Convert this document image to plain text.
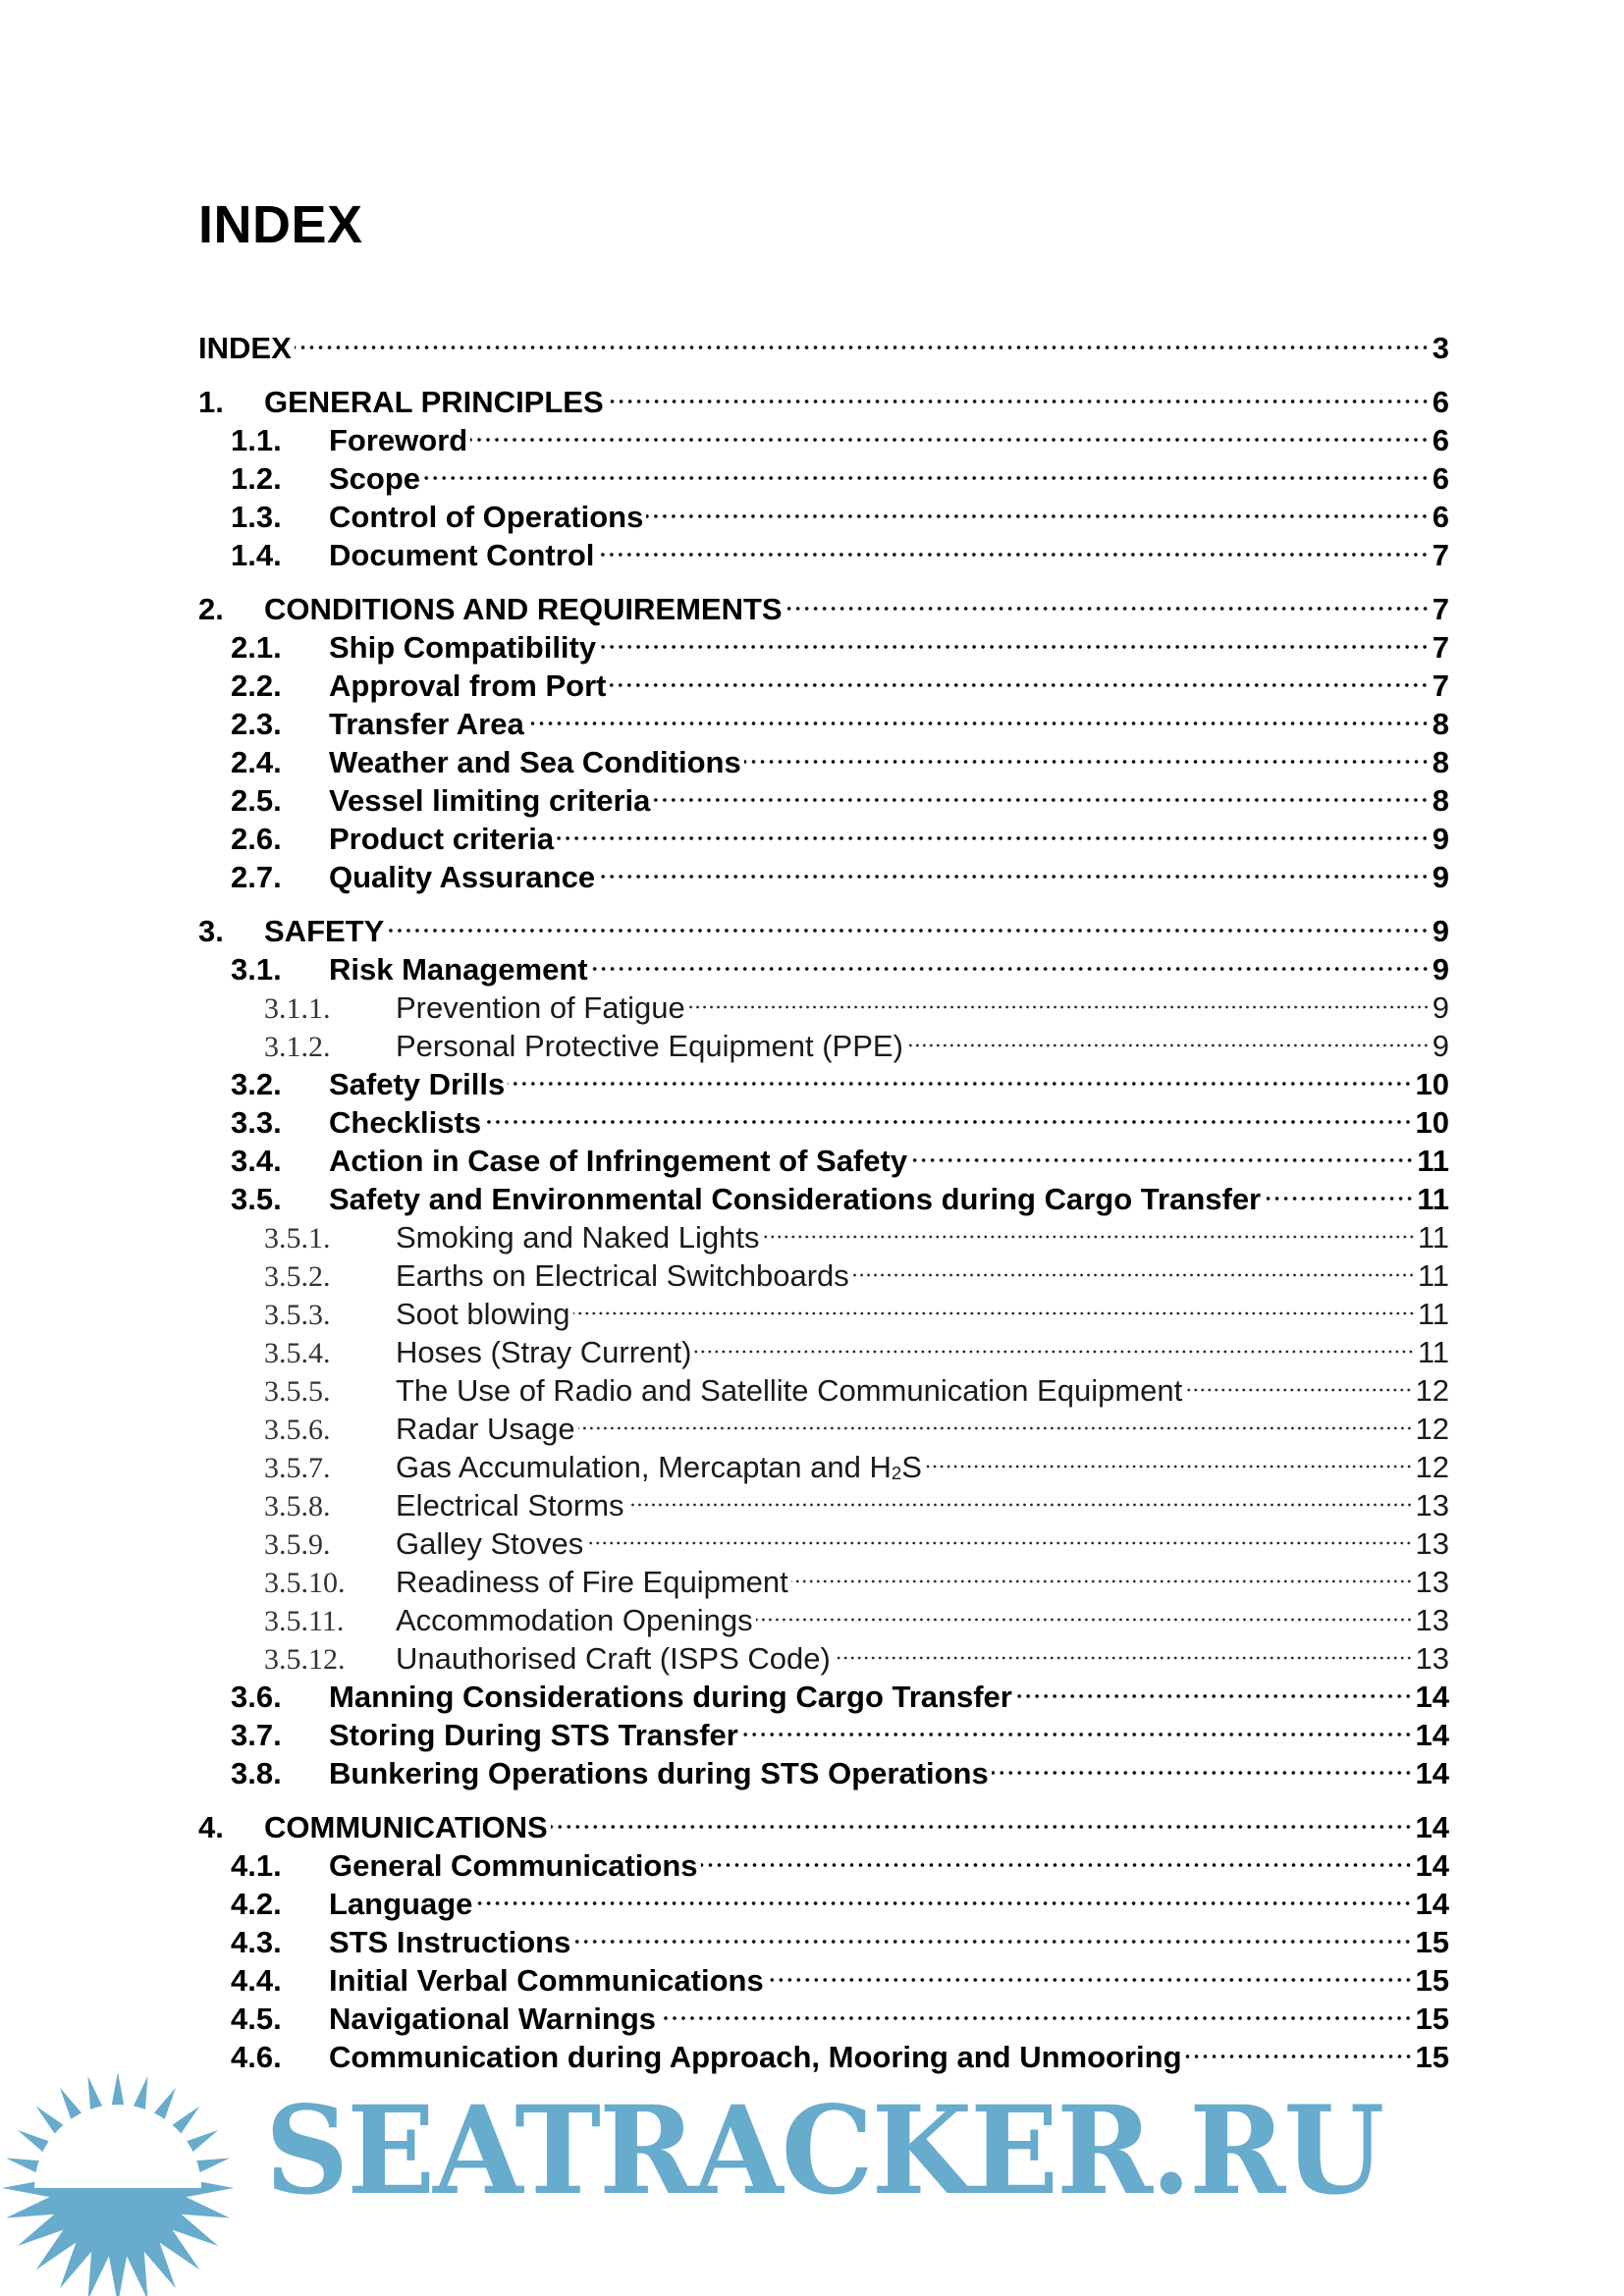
INDEX
INDEX	3
1.	GENERAL PRINCIPLES	6
1.1.	Foreword	6
1.2.	Scope	6
1.3.	Control of Operations	6
1.4.	Document Control	7
2.	CONDITIONS AND REQUIREMENTS	7
2.1.	Ship Compatibility	7
2.2.	Approval from Port	7
2.3.	Transfer Area	8
2.4.	Weather and Sea Conditions	8
2.5.	Vessel limiting criteria	8
2.6.	Product criteria	9
2.7.	Quality Assurance	9
3.	SAFETY	9
3.1.	Risk Management	9
3.1.1.	Prevention of Fatigue	9
3.1.2.	Personal Protective Equipment (PPE)	9
3.2.	Safety Drills	10
3.3.	Checklists	10
3.4.	Action in Case of Infringement of Safety	11
3.5.	Safety and Environmental Considerations during Cargo Transfer	11
3.5.1.	Smoking and Naked Lights	11
3.5.2.	Earths on Electrical Switchboards	11
3.5.3.	Soot blowing	11
3.5.4.	Hoses (Stray Current)	11
3.5.5.	The Use of Radio and Satellite Communication Equipment	12
3.5.6.	Radar Usage	12
3.5.7.	Gas Accumulation, Mercaptan and $H_2S$	12
3.5.8.	Electrical Storms	13
3.5.9.	Galley Stoves	13
3.5.10.	Readiness of Fire Equipment	13
3.5.11.	Accommodation Openings	13
3.5.12.	Unauthorised Craft (ISPS Code)	13
3.6.	Manning Considerations during Cargo Transfer	14
3.7.	Storing During STS Transfer	14
3.8.	Bunkering Operations during STS Operations	14
4.	COMMUNICATIONS	14
4.1.	General Communications	14
4.2.	Language	14
4.3.	STS Instructions	15
4.4.	Initial Verbal Communications	15
4.5.	Navigational Warnings	15
4.6.	Communication during Approach, Mooring and Unmooring	15
SEATRACKER.RU
